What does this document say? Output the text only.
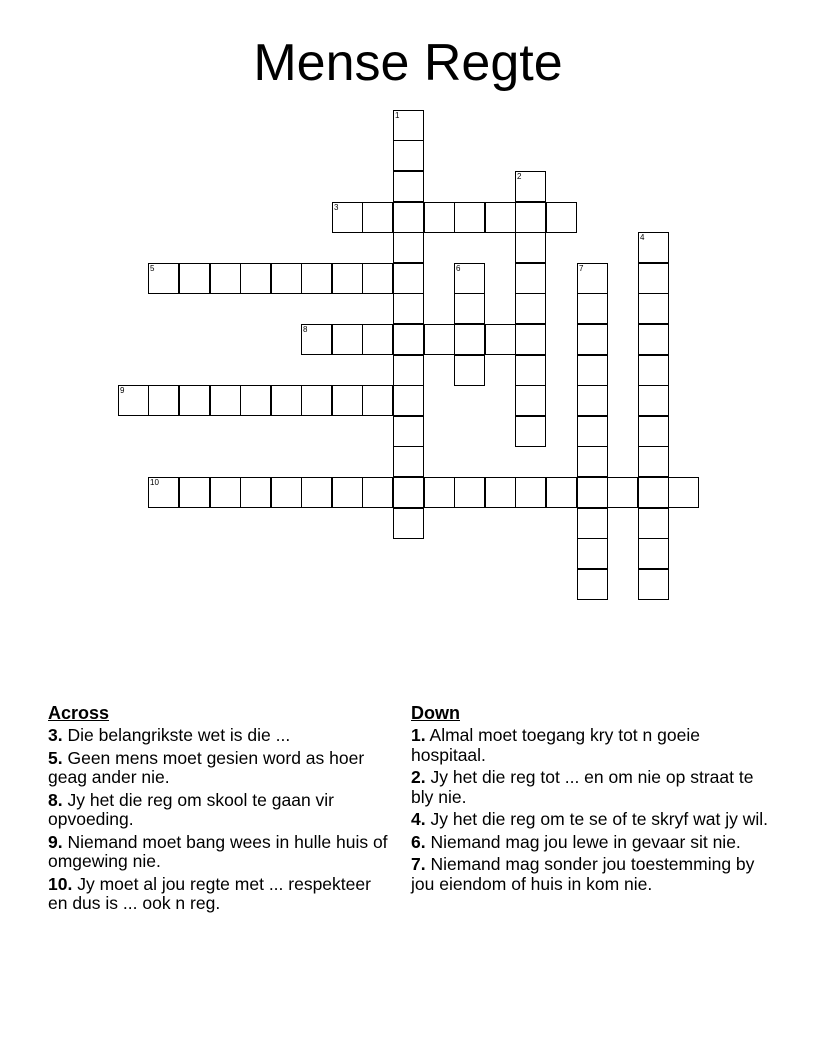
Mense Regte
3
5
8
9
10
1
2
4
6	7
Across
3. Die belangrikste wet is die ...
5. Geen mens moet gesien word as hoer geag ander nie.
8. Jy het die reg om skool te gaan vir opvoeding.
9. Niemand moet bang wees in hulle huis of omgewing nie.
10. Jy moet al jou regte met ... respekteer en dus is ... ook n reg.
Down
1. Almal moet toegang kry tot n goeie hospitaal.
2. Jy het die reg tot ... en om nie op straat te bly nie.
4. Jy het die reg om te se of te skryf wat jy wil.
6. Niemand mag jou lewe in gevaar sit nie.
7. Niemand mag sonder jou toestemming by jou eiendom of huis in kom nie.
